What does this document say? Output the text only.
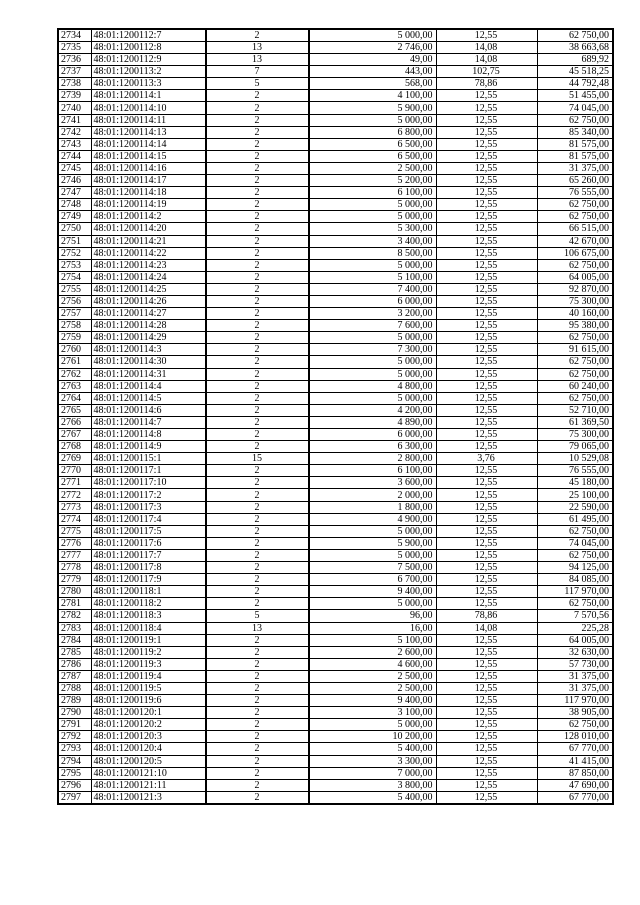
2734	48:01:1200112:7	2	5 000,00	12,55	62 750,00
2735	48:01:1200112:8	13	2 746,00	14,08	38 663,68
2736	48:01:1200112:9	13	49,00	14,08	689,92
2737	48:01:1200113:2	7	443,00	102,75	45 518,25
2738	48:01:1200113:3	5	568,00	78,86	44 792,48
2739	48:01:1200114:1	2	4 100,00	12,55	51 455,00
2740	48:01:1200114:10	2	5 900,00	12,55	74 045,00
2741	48:01:1200114:11	2	5 000,00	12,55	62 750,00
2742	48:01:1200114:13	2	6 800,00	12,55	85 340,00
2743	48:01:1200114:14	2	6 500,00	12,55	81 575,00
2744	48:01:1200114:15	2	6 500,00	12,55	81 575,00
2745	48:01:1200114:16	2	2 500,00	12,55	31 375,00
2746	48:01:1200114:17	2	5 200,00	12,55	65 260,00
2747	48:01:1200114:18	2	6 100,00	12,55	76 555,00
2748	48:01:1200114:19	2	5 000,00	12,55	62 750,00
2749	48:01:1200114:2	2	5 000,00	12,55	62 750,00
2750	48:01:1200114:20	2	5 300,00	12,55	66 515,00
2751	48:01:1200114:21	2	3 400,00	12,55	42 670,00
2752	48:01:1200114:22	2	8 500,00	12,55	106 675,00
2753	48:01:1200114:23	2	5 000,00	12,55	62 750,00
2754	48:01:1200114:24	2	5 100,00	12,55	64 005,00
2755	48:01:1200114:25	2	7 400,00	12,55	92 870,00
2756	48:01:1200114:26	2	6 000,00	12,55	75 300,00
2757	48:01:1200114:27	2	3 200,00	12,55	40 160,00
2758	48:01:1200114:28	2	7 600,00	12,55	95 380,00
2759	48:01:1200114:29	2	5 000,00	12,55	62 750,00
2760	48:01:1200114:3	2	7 300,00	12,55	91 615,00
2761	48:01:1200114:30	2	5 000,00	12,55	62 750,00
2762	48:01:1200114:31	2	5 000,00	12,55	62 750,00
2763	48:01:1200114:4	2	4 800,00	12,55	60 240,00
2764	48:01:1200114:5	2	5 000,00	12,55	62 750,00
2765	48:01:1200114:6	2	4 200,00	12,55	52 710,00
2766	48:01:1200114:7	2	4 890,00	12,55	61 369,50
2767	48:01:1200114:8	2	6 000,00	12,55	75 300,00
2768	48:01:1200114:9	2	6 300,00	12,55	79 065,00
2769	48:01:1200115:1	15	2 800,00	3,76	10 529,08
2770	48:01:1200117:1	2	6 100,00	12,55	76 555,00
2771	48:01:1200117:10	2	3 600,00	12,55	45 180,00
2772	48:01:1200117:2	2	2 000,00	12,55	25 100,00
2773	48:01:1200117:3	2	1 800,00	12,55	22 590,00
2774	48:01:1200117:4	2	4 900,00	12,55	61 495,00
2775	48:01:1200117:5	2	5 000,00	12,55	62 750,00
2776	48:01:1200117:6	2	5 900,00	12,55	74 045,00
2777	48:01:1200117:7	2	5 000,00	12,55	62 750,00
2778	48:01:1200117:8	2	7 500,00	12,55	94 125,00
2779	48:01:1200117:9	2	6 700,00	12,55	84 085,00
2780	48:01:1200118:1	2	9 400,00	12,55	117 970,00
2781	48:01:1200118:2	2	5 000,00	12,55	62 750,00
2782	48:01:1200118:3	5	96,00	78,86	7 570,56
2783	48:01:1200118:4	13	16,00	14,08	225,28
2784	48:01:1200119:1	2	5 100,00	12,55	64 005,00
2785	48:01:1200119:2	2	2 600,00	12,55	32 630,00
2786	48:01:1200119:3	2	4 600,00	12,55	57 730,00
2787	48:01:1200119:4	2	2 500,00	12,55	31 375,00
2788	48:01:1200119:5	2	2 500,00	12,55	31 375,00
2789	48:01:1200119:6	2	9 400,00	12,55	117 970,00
2790	48:01:1200120:1	2	3 100,00	12,55	38 905,00
2791	48:01:1200120:2	2	5 000,00	12,55	62 750,00
2792	48:01:1200120:3	2	10 200,00	12,55	128 010,00
2793	48:01:1200120:4	2	5 400,00	12,55	67 770,00
2794	48:01:1200120:5	2	3 300,00	12,55	41 415,00
2795	48:01:1200121:10	2	7 000,00	12,55	87 850,00
2796	48:01:1200121:11	2	3 800,00	12,55	47 690,00
2797	48:01:1200121:3	2	5 400,00	12,55	67 770,00
